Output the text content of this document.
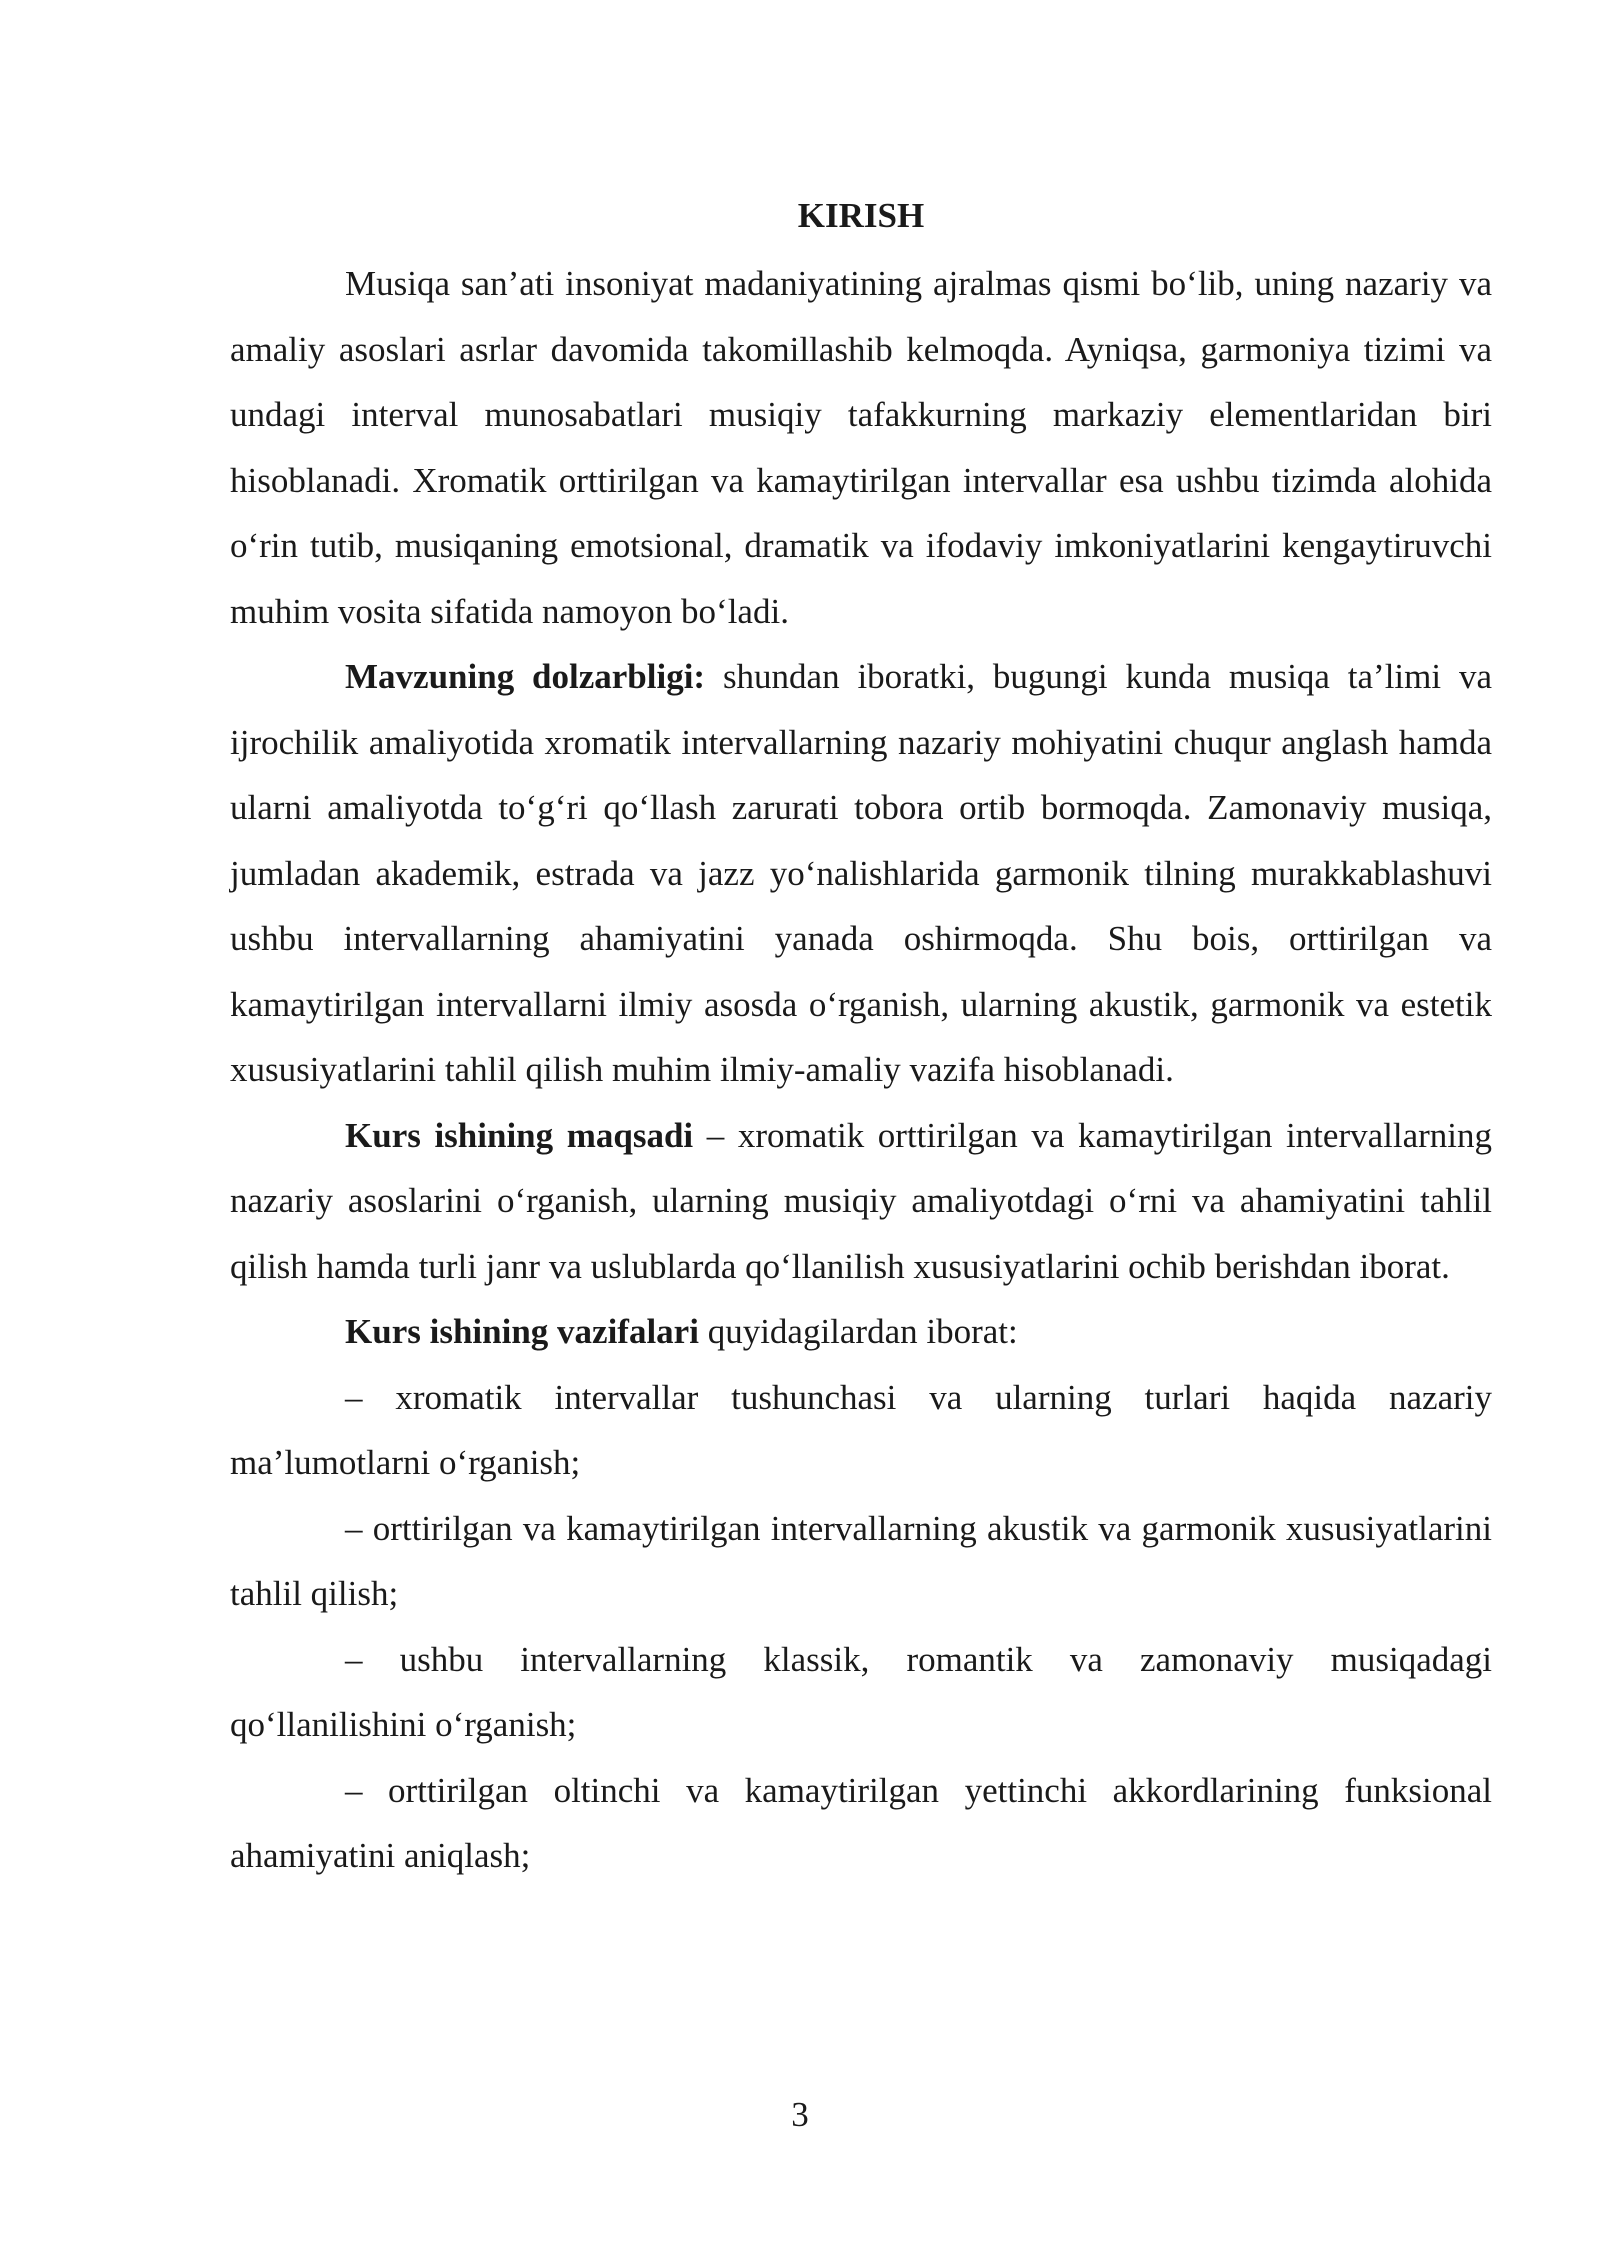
KIRISH

Musiqa san’ati insoniyat madaniyatining ajralmas qismi bo‘lib, uning nazariy va amaliy asoslari asrlar davomida takomillashib kelmoqda. Ayniqsa, garmoniya tizimi va undagi interval munosabatlari musiqiy tafakkurning markaziy elementlaridan biri hisoblanadi. Xromatik orttirilgan va kamaytirilgan intervallar esa ushbu tizimda alohida o‘rin tutib, musiqaning emotsional, dramatik va ifodaviy imkoniyatlarini kengaytiruvchi muhim vosita sifatida namoyon bo‘ladi.

Mavzuning dolzarbligi: shundan iboratki, bugungi kunda musiqa ta’limi va ijrochilik amaliyotida xromatik intervallarning nazariy mohiyatini chuqur anglash hamda ularni amaliyotda to‘g‘ri qo‘llash zarurati tobora ortib bormoqda. Zamonaviy musiqa, jumladan akademik, estrada va jazz yo‘nalishlarida garmonik tilning murakkablashuvi ushbu intervallarning ahamiyatini yanada oshirmoqda. Shu bois, orttirilgan va kamaytirilgan intervallarni ilmiy asosda o‘rganish, ularning akustik, garmonik va estetik xususiyatlarini tahlil qilish muhim ilmiy-amaliy vazifa hisoblanadi.

Kurs ishining maqsadi – xromatik orttirilgan va kamaytirilgan intervallarning nazariy asoslarini o‘rganish, ularning musiqiy amaliyotdagi o‘rni va ahamiyatini tahlil qilish hamda turli janr va uslublarda qo‘llanilish xususiyatlarini ochib berishdan iborat.

Kurs ishining vazifalari quyidagilardan iborat:

– xromatik intervallar tushunchasi va ularning turlari haqida nazariy ma’lumotlarni o‘rganish;

– orttirilgan va kamaytirilgan intervallarning akustik va garmonik xususiyatlarini tahlil qilish;

– ushbu intervallarning klassik, romantik va zamonaviy musiqadagi qo‘llanilishini o‘rganish;

– orttirilgan oltinchi va kamaytirilgan yettinchi akkordlarining funksional ahamiyatini aniqlash;

3
